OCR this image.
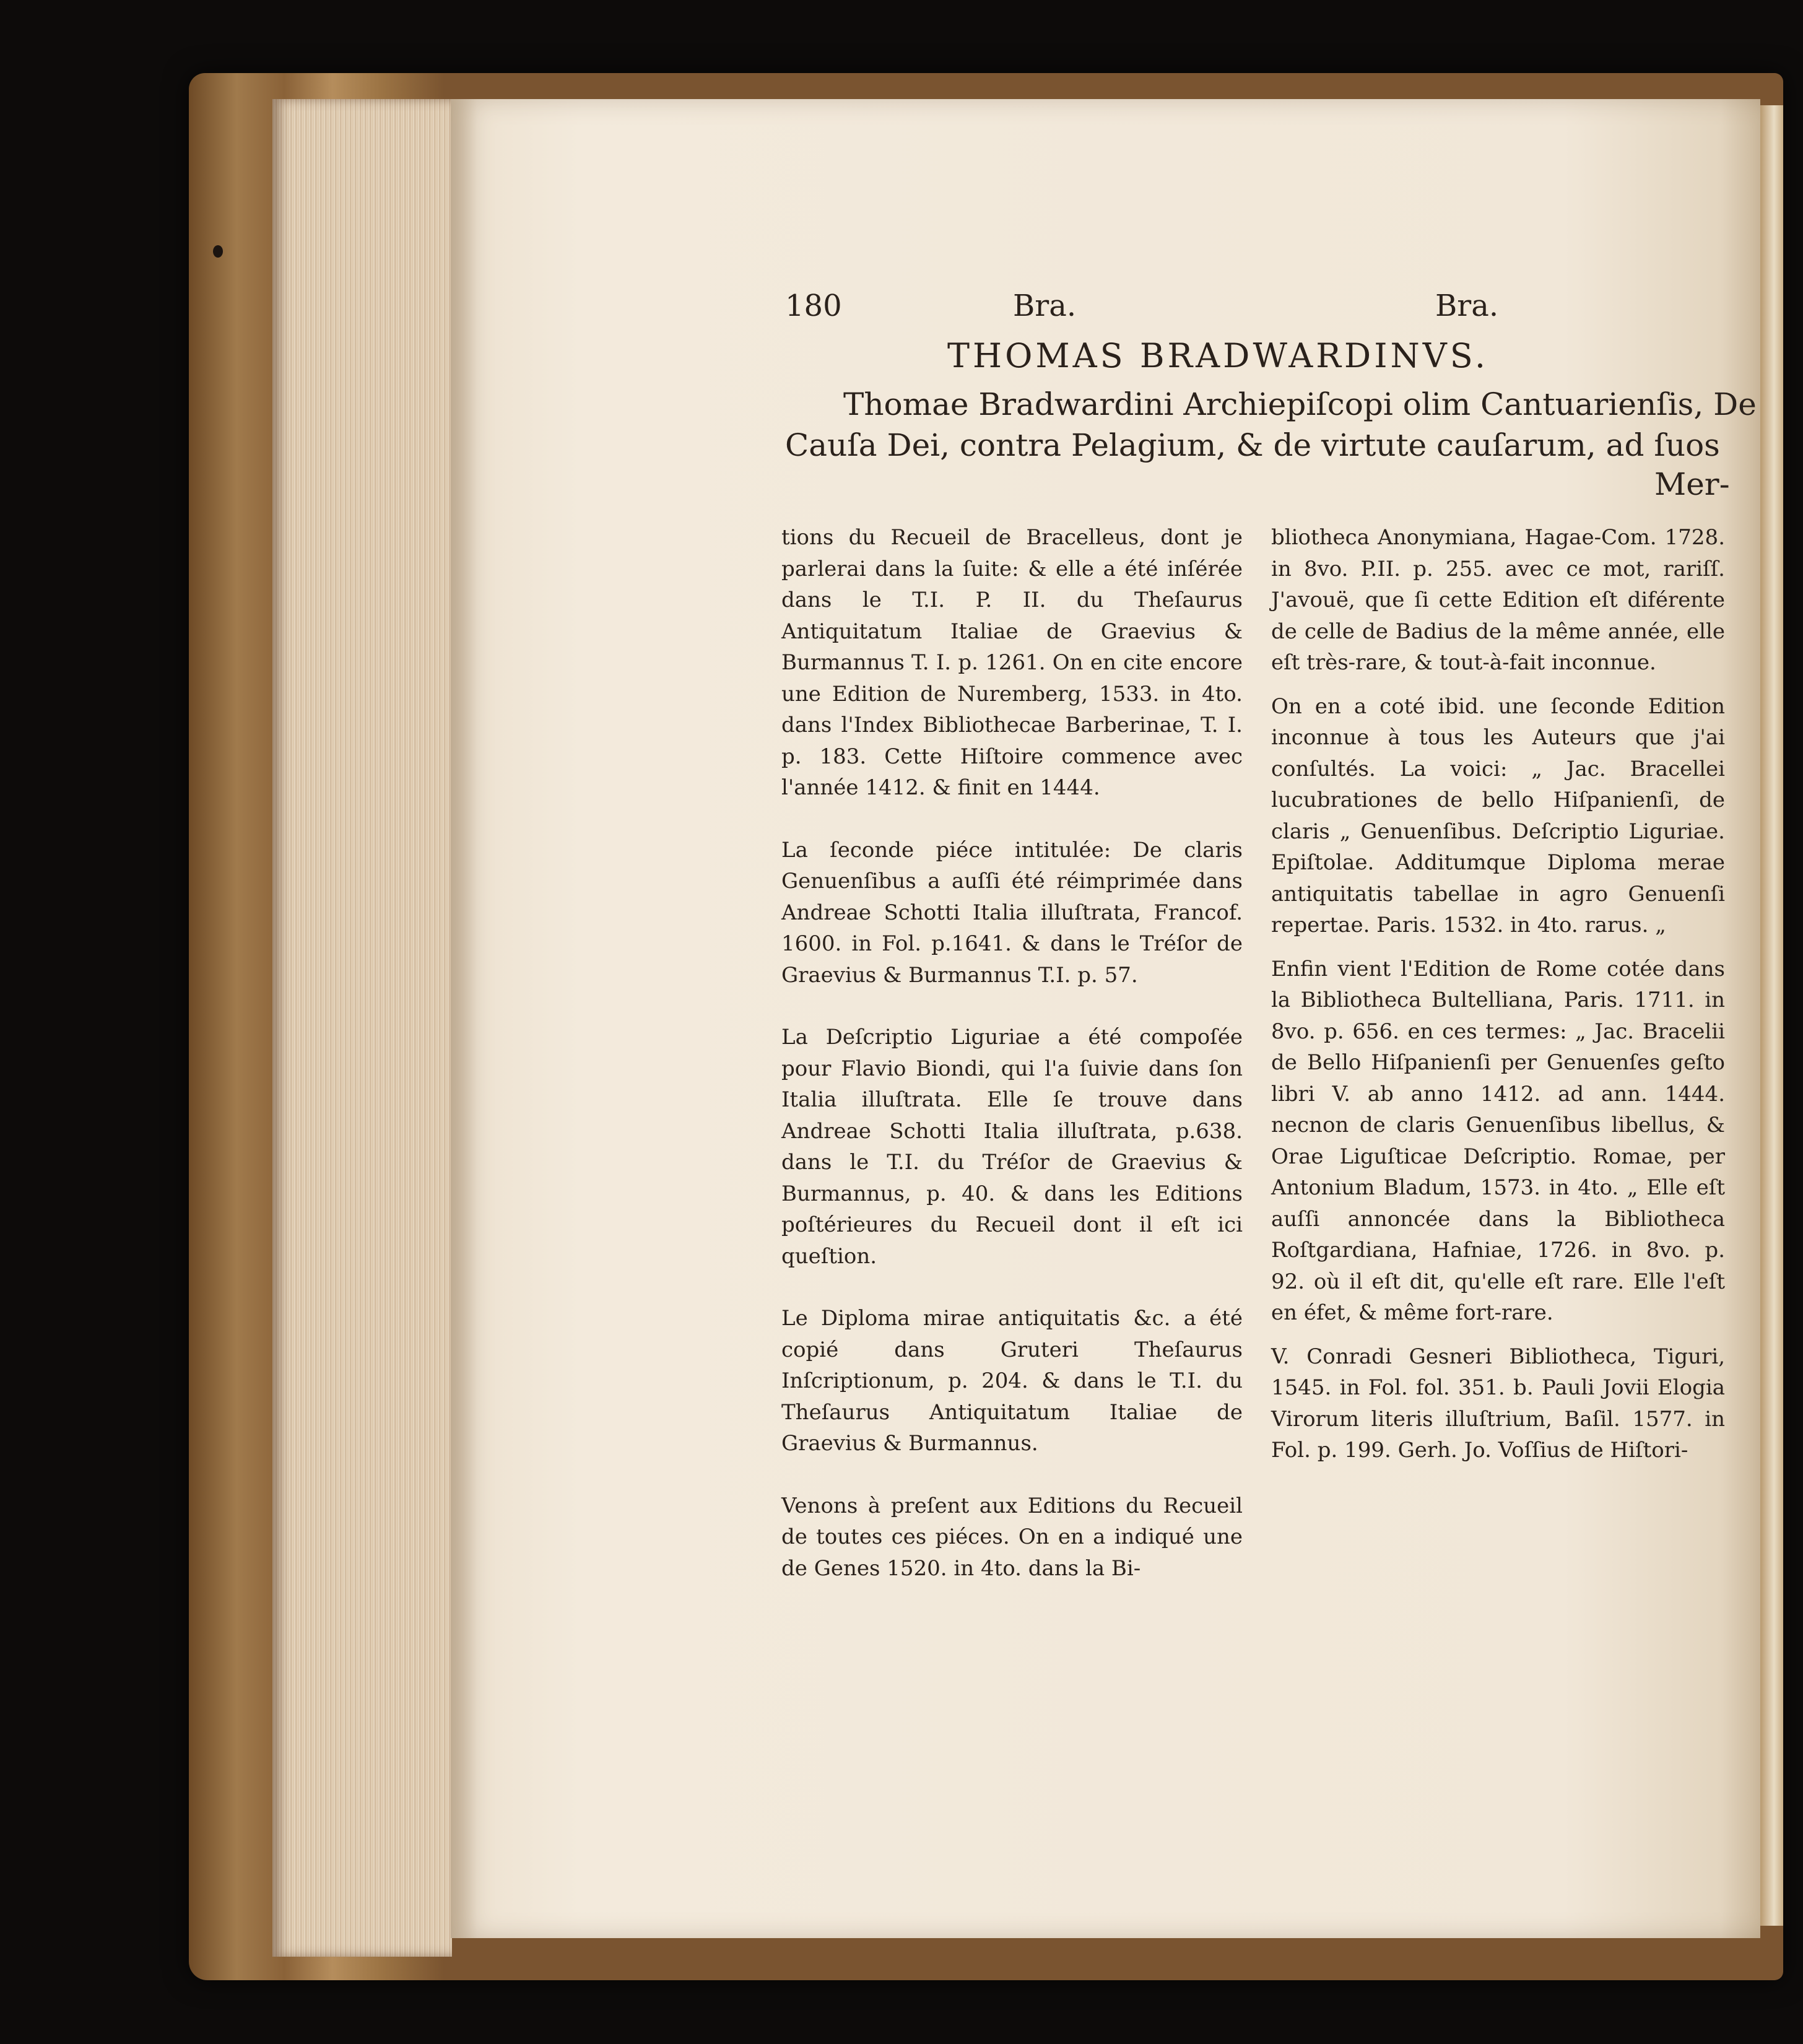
180	Bra.	Bra.
THOMAS BRADWARDINVS.
Thomae Bradwardini Archiepiſcopi olim Cantuarienſis, De
Cauſa Dei, contra Pelagium, & de virtute cauſarum, ad ſuos
Mer-

tions du Recueil de Bracelleus, dont je parlerai dans la ſuite: & elle a été inſérée dans le T.I. P. II. du Theſaurus Antiquitatum Italiae de Graevius & Burmannus T. I. p. 1261. On en cite encore une Edition de Nuremberg, 1533. in 4to. dans l'Index Bibliothecae Barberinae, T. I. p. 183. Cette Hiſtoire commence avec l'année 1412. & finit en 1444.

La ſeconde piéce intitulée: De claris Genuenſibus a auſſi été réimprimée dans Andreae Schotti Italia illuſtrata, Francof. 1600. in Fol. p.1641. & dans le Tréſor de Graevius & Burmannus T.I. p. 57.

La Deſcriptio Liguriae a été compoſée pour Flavio Biondi, qui l'a ſuivie dans ſon Italia illuſtrata. Elle ſe trouve dans Andreae Schotti Italia illuſtrata, p.638. dans le T.I. du Tréſor de Graevius & Burmannus, p. 40. & dans les Editions poſtérieures du Recueil dont il eſt ici queſtion.

Le Diploma mirae antiquitatis &c. a été copié dans Gruteri Theſaurus Inſcriptionum, p. 204. & dans le T.I. du Theſaurus Antiquitatum Italiae de Graevius & Burmannus.

Venons à preſent aux Editions du Recueil de toutes ces piéces. On en a indiqué une de Genes 1520. in 4to. dans la Bi-

bliotheca Anonymiana, Hagae-Com. 1728. in 8vo. P.II. p. 255. avec ce mot, rariſſ. J'avouë, que ſi cette Edition eſt diférente de celle de Badius de la même année, elle eſt très-rare, & tout-à-fait inconnue.

On en a coté ibid. une ſeconde Edition inconnue à tous les Auteurs que j'ai conſultés. La voici: „ Jac. Bracellei lucubrationes de bello Hiſpanienſi, de claris „ Genuenſibus. Deſcriptio Liguriae. Epiſtolae. Additumque Diploma merae antiquitatis tabellae in agro Genuenſi repertae. Paris. 1532. in 4to. rarus. „

Enfin vient l'Edition de Rome cotée dans la Bibliotheca Bultelliana, Paris. 1711. in 8vo. p. 656. en ces termes: „ Jac. Bracelii de Bello Hiſpanienſi per Genuenſes geſto libri V. ab anno 1412. ad ann. 1444. necnon de claris Genuenſibus libellus, & Orae Liguſticae Deſcriptio. Romae, per Antonium Bladum, 1573. in 4to. „ Elle eſt auſſi annoncée dans la Bibliotheca Roſtgardiana, Hafniae, 1726. in 8vo. p. 92. où il eſt dit, qu'elle eſt rare. Elle l'eſt en éfet, & même fort-rare.

V. Conradi Gesneri Bibliotheca, Tiguri, 1545. in Fol. fol. 351. b. Pauli Jovii Elogia Virorum literis illuſtrium, Baſil. 1577. in Fol. p. 199. Gerh. Jo. Voſſius de Hiſtori-
